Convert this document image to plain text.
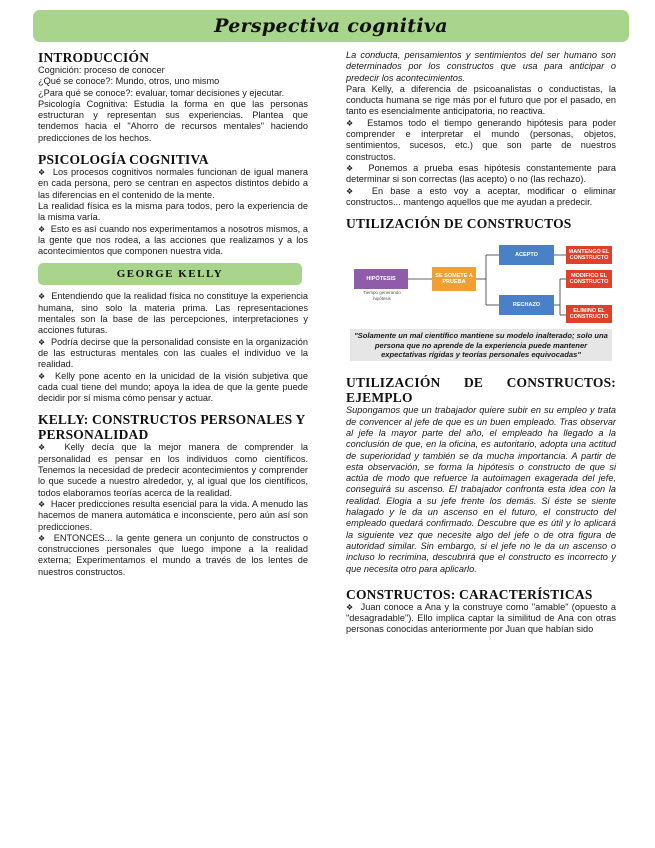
Perspectiva cognitiva
INTRODUCCIÓN

Cognición: proceso de conocer

¿Qué se conoce?: Mundo, otros, uno mismo

¿Para qué se conoce?: evaluar, tomar decisiones y ejecutar.

Psicología Cognitiva: Estudia la forma en que las personas estructuran y representan sus experiencias. Plantea que tendemos hacia el "Ahorro de recursos mentales" haciendo predicciones de los hechos.

PSICOLOGÍA COGNITIVA

❖ Los procesos cognitivos normales funcionan de igual manera en cada persona, pero se centran en aspectos distintos debido a las diferencias en el contenido de la mente.

La realidad física es la misma para todos, pero la experiencia de la misma varía.

❖ Esto es así cuando nos experimentamos a nosotros mismos, a la gente que nos rodea, a las acciones que realizamos y a los acontecimientos que componen nuestra vida.

GEORGE KELLY

❖ Entendiendo que la realidad física no constituye la experiencia humana, sino solo la materia prima. Las representaciones mentales son la base de las percepciones, interpretaciones y acciones futuras.

❖ Podría decirse que la personalidad consiste en la organización de las estructuras mentales con las cuales el individuo ve la realidad.

❖ Kelly pone acento en la unicidad de la visión subjetiva que cada cual tiene del mundo; apoya la idea de que la gente puede decidir por sí misma cómo pensar y actuar.

KELLY: CONSTRUCTOS PERSONALES Y PERSONALIDAD

❖ Kelly decía que la mejor manera de comprender la personalidad es pensar en los individuos como científicos. Tenemos la necesidad de predecir acontecimientos y comprender lo que sucede a nuestro alrededor, y, al igual que los científicos, todos elaboramos teorías acerca de la realidad.

❖ Hacer predicciones resulta esencial para la vida. A menudo las hacemos de manera automática e inconsciente, pero aún así son predicciones.

❖ ENTONCES... la gente genera un conjunto de constructos o construcciones personales que luego impone a la realidad externa; Experimentamos el mundo a través de los lentes de nuestros constructos.

La conducta, pensamientos y sentimientos del ser humano son determinados por los constructos que usa para anticipar o predecir los acontecimientos.

Para Kelly, a diferencia de psicoanalistas o conductistas, la conducta humana se rige más por el futuro que por el pasado, en tanto es esencialmente anticipatoria, no reactiva.

❖ Estamos todo el tiempo generando hipótesis para poder comprender e interpretar el mundo (personas, objetos, sentimientos, sucesos, etc.) que son parte de nuestros constructos.

❖ Ponemos a prueba esas hipótesis constantemente para determinar si son correctas (las acepto) o no (las rechazo).

❖ En base a esto voy a aceptar, modificar o eliminar constructos... mantengo aquellos que me ayudan a predecir.

UTILIZACIÓN DE CONSTRUCTOS
HIPÓTESIS
Tiempo generando hipótesis
SE SOMETE A PRUEBA
ACEPTO
RECHAZO
MANTENGO EL CONSTRUCTO
MODIFICO EL CONSTRUCTO
ELIMINO EL CONSTRUCTO
"Solamente un mal científico mantiene su modelo inalterado; solo una persona que no aprende de la experiencia puede mantener expectativas rígidas y teorías personales equivocadas"
UTILIZACIÓN DE CONSTRUCTOS:
EJEMPLO

Supongamos que un trabajador quiere subir en su empleo y trata de convencer al jefe de que es un buen empleado. Tras observar al jefe la mayor parte del año, el empleado ha llegado a la conclusión de que, en la oficina, es autoritario, adopta una actitud de superioridad y también se da mucha importancia. A partir de esta observación, se forma la hipótesis o constructo de que si actúa de modo que refuerce la autoimagen exagerada del jefe, conseguirá su ascenso. El trabajador confronta esta idea con la realidad. Elogia a su jefe frente los demás. Si éste se siente halagado y le da un ascenso en el futuro, el constructo del empleado quedará confirmado. Descubre que es útil y lo aplicará la siguiente vez que necesite algo del jefe o de otra figura de autoridad similar. Sin embargo, si el jefe no le da un ascenso o incluso lo recrimina, descubrirá que el constructo es incorrecto y que necesita otro para aplicarlo.

CONSTRUCTOS: CARACTERÍSTICAS

❖ Juan conoce a Ana y la construye como "amable" (opuesto a "desagradable"). Ello implica captar la similitud de Ana con otras personas conocidas anteriormente por Juan que habían sido
